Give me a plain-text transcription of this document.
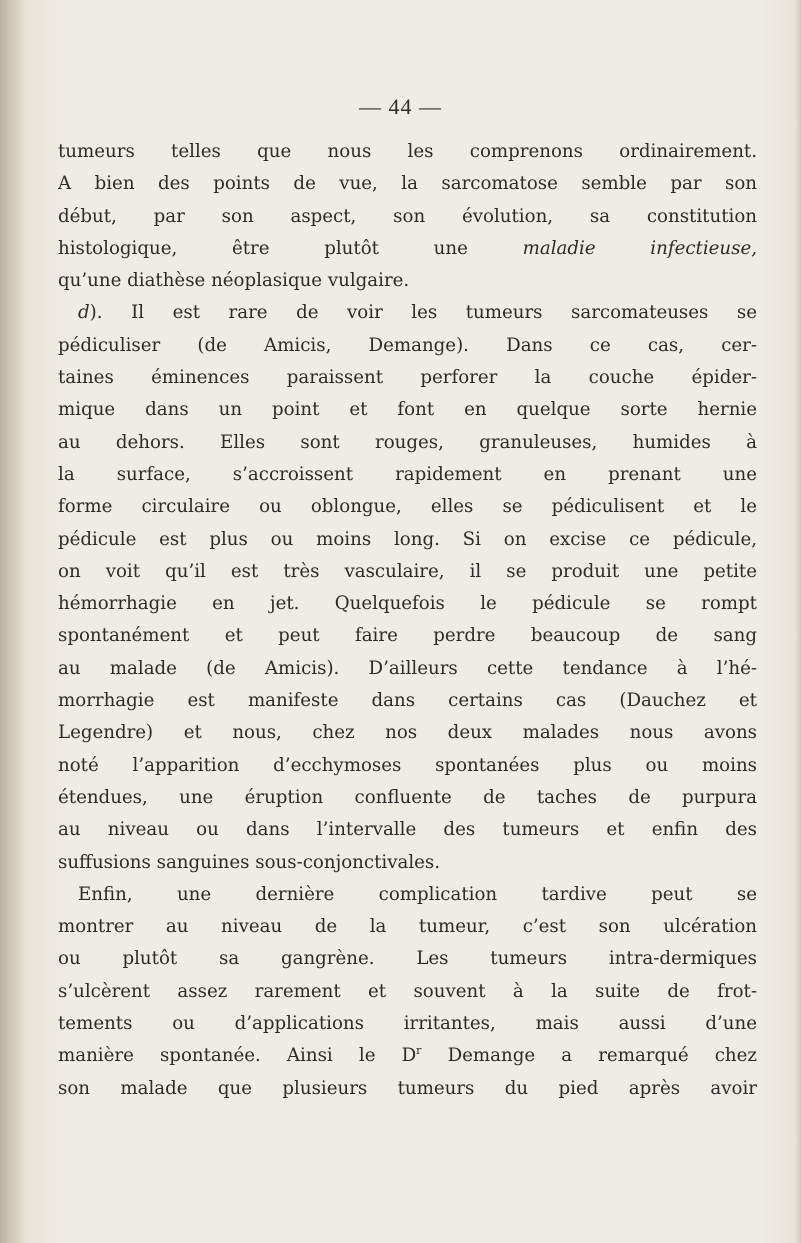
— 44 —
tumeurs telles que nous les comprenons ordinairement.
A bien des points de vue, la sarcomatose semble par son
début, par son aspect, son évolution, sa constitution
histologique, être plutôt une maladie infectieuse,
qu’une diathèse néoplasique vulgaire.
d). Il est rare de voir les tumeurs sarcomateuses se
pédiculiser (de Amicis, Demange). Dans ce cas, cer-
taines éminences paraissent perforer la couche épider-
mique dans un point et font en quelque sorte hernie
au dehors. Elles sont rouges, granuleuses, humides à
la surface, s’accroissent rapidement en prenant une
forme circulaire ou oblongue, elles se pédiculisent et le
pédicule est plus ou moins long. Si on excise ce pédicule,
on voit qu’il est très vasculaire, il se produit une petite
hémorrhagie en jet. Quelquefois le pédicule se rompt
spontanément et peut faire perdre beaucoup de sang
au malade (de Amicis). D’ailleurs cette tendance à l’hé-
morrhagie est manifeste dans certains cas (Dauchez et
Legendre) et nous, chez nos deux malades nous avons
noté l’apparition d’ecchymoses spontanées plus ou moins
étendues, une éruption confluente de taches de purpura
au niveau ou dans l’intervalle des tumeurs et enfin des
suffusions sanguines sous-conjonctivales.
Enfin, une dernière complication tardive peut se
montrer au niveau de la tumeur, c’est son ulcération
ou plutôt sa gangrène. Les tumeurs intra-dermiques
s’ulcèrent assez rarement et souvent à la suite de frot-
tements ou d’applications irritantes, mais aussi d’une
manière spontanée. Ainsi le $D^r$ Demange a remarqué chez
son malade que plusieurs tumeurs du pied après avoir
